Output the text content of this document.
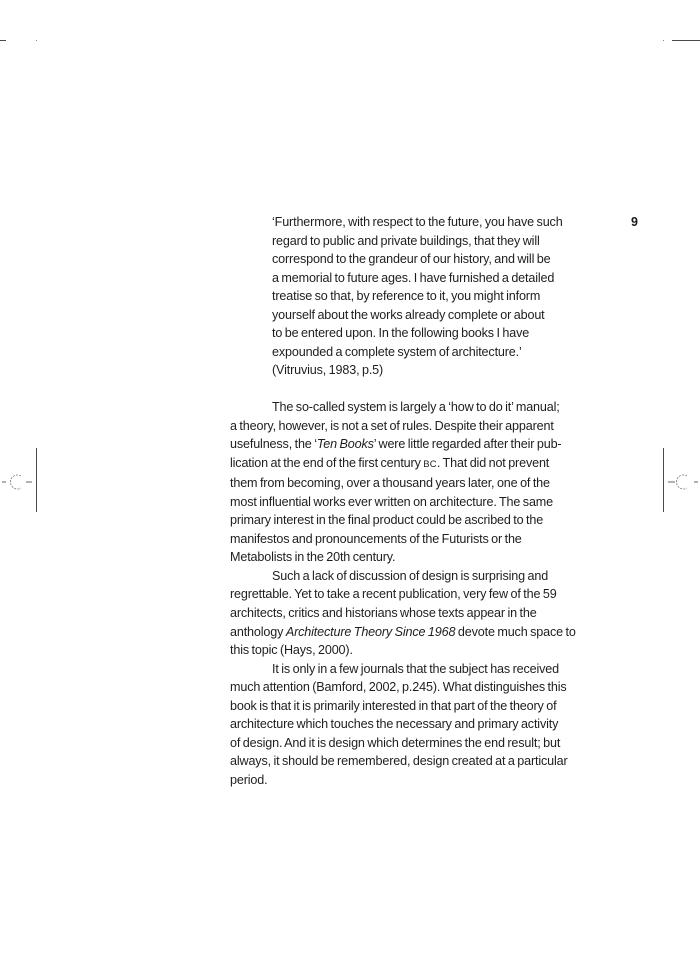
9
‘Furthermore, with respect to the future, you have such
regard to public and private buildings, that they will
correspond to the grandeur of our history, and will be
a memorial to future ages. I have furnished a detailed
treatise so that, by reference to it, you might inform
yourself about the works already complete or about
to be entered upon. In the following books I have
expounded a complete system of architecture.’
(Vitruvius, 1983, p.5)
The so-called system is largely a ‘how to do it’ manual;
a theory, however, is not a set of rules. Despite their apparent
usefulness, the ‘Ten Books’ were little regarded after their pub-
lication at the end of the first century BC. That did not prevent
them from becoming, over a thousand years later, one of the
most influential works ever written on architecture. The same
primary interest in the final product could be ascribed to the
manifestos and pronouncements of the Futurists or the
Metabolists in the 20th century.
Such a lack of discussion of design is surprising and
regrettable. Yet to take a recent publication, very few of the 59
architects, critics and historians whose texts appear in the
anthology Architecture Theory Since 1968 devote much space to
this topic (Hays, 2000).
It is only in a few journals that the subject has received
much attention (Bamford, 2002, p.245). What distinguishes this
book is that it is primarily interested in that part of the theory of
architecture which touches the necessary and primary activity
of design. And it is design which determines the end result; but
always, it should be remembered, design created at a particular
period.
